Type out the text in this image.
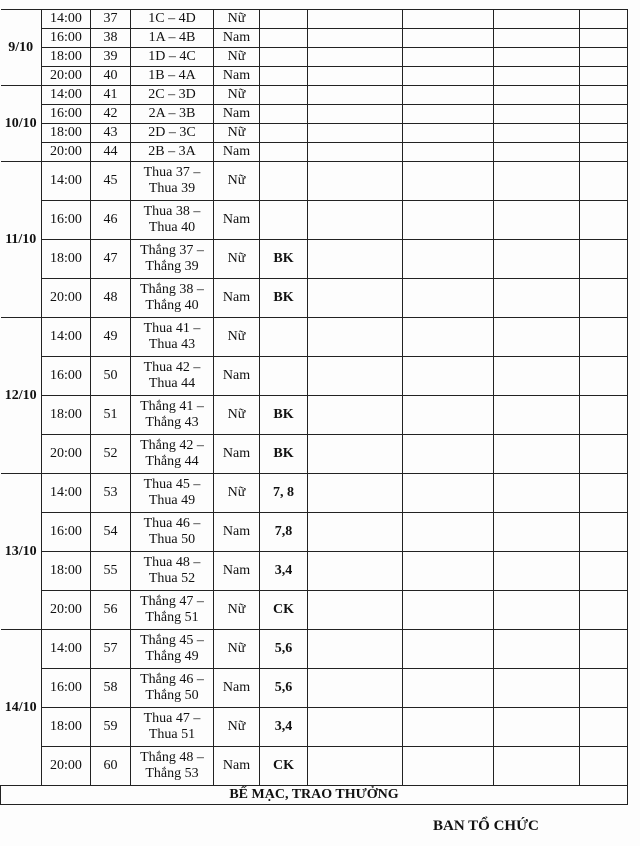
9/10	14:00	37	1C – 4D	Nữ					
	16:00	38	1A – 4B	Nam					
	18:00	39	1D – 4C	Nữ					
	20:00	40	1B – 4A	Nam					
10/10	14:00	41	2C – 3D	Nữ					
	16:00	42	2A – 3B	Nam					
	18:00	43	2D – 3C	Nữ					
	20:00	44	2B – 3A	Nam					
11/10	14:00	45	Thua 37 –
Thua 39	Nữ					
	16:00	46	Thua 38 –
Thua 40	Nam					
	18:00	47	Thắng 37 –
Thắng 39	Nữ	BK				
	20:00	48	Thắng 38 –
Thắng 40	Nam	BK				
12/10	14:00	49	Thua 41 –
Thua 43	Nữ					
	16:00	50	Thua 42 –
Thua 44	Nam					
	18:00	51	Thắng 41 –
Thắng 43	Nữ	BK				
	20:00	52	Thắng 42 –
Thắng 44	Nam	BK				
13/10	14:00	53	Thua 45 –
Thua 49	Nữ	7, 8				
	16:00	54	Thua 46 –
Thua 50	Nam	7,8				
	18:00	55	Thua 48 –
Thua 52	Nam	3,4				
	20:00	56	Thắng 47 –
Thắng 51	Nữ	CK				
14/10	14:00	57	Thắng 45 –
Thắng 49	Nữ	5,6				
	16:00	58	Thắng 46 –
Thắng 50	Nam	5,6				
	18:00	59	Thua 47 –
Thua 51	Nữ	3,4				
	20:00	60	Thắng 48 –
Thắng 53	Nam	CK				
BẾ MẠC, TRAO THƯỞNG									
BAN TỔ CHỨC
